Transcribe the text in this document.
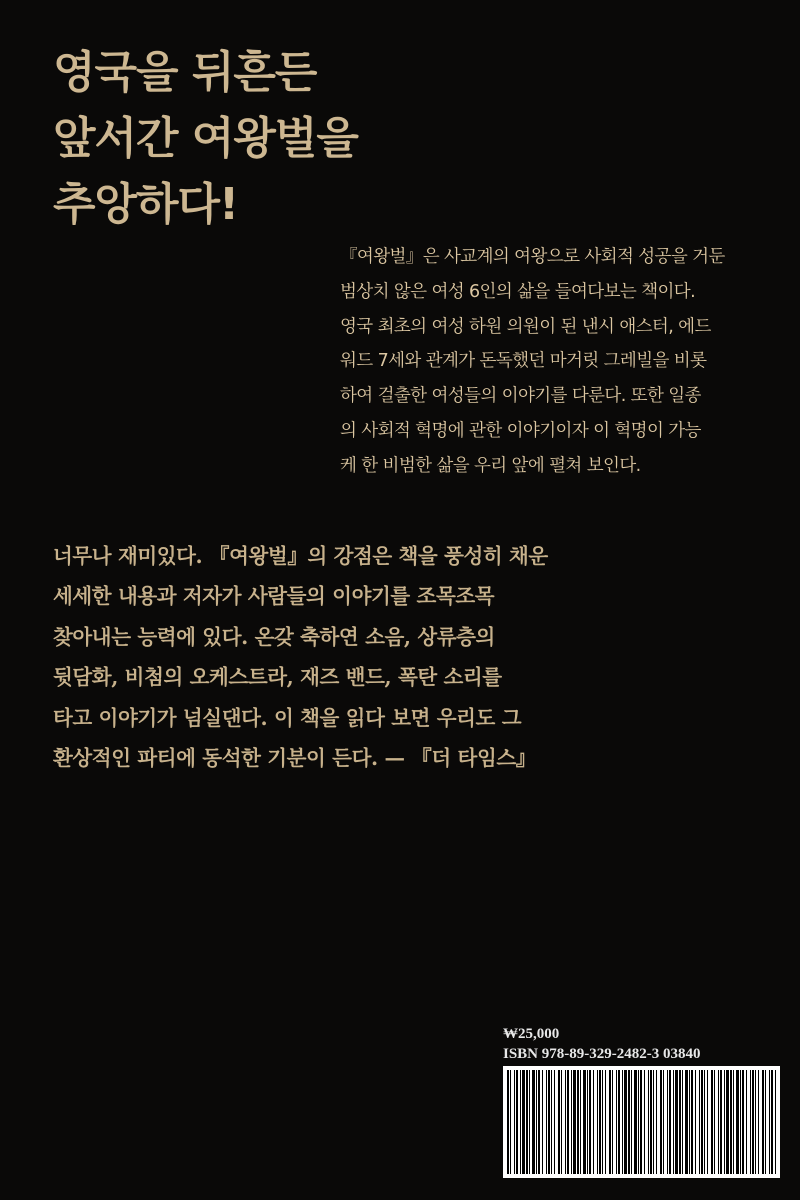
영국을 뒤흔든
앞서간 여왕벌을
추앙하다!

『여왕벌』은 사교계의 여왕으로 사회적 성공을 거둔
범상치 않은 여성 6인의 삶을 들여다보는 책이다.
영국 최초의 여성 하원 의원이 된 낸시 애스터, 에드
워드 7세와 관계가 돈독했던 마거릿 그레빌을 비롯
하여 걸출한 여성들의 이야기를 다룬다. 또한 일종
의 사회적 혁명에 관한 이야기이자 이 혁명이 가능
케 한 비범한 삶을 우리 앞에 펼쳐 보인다.

너무나 재미있다. 『여왕벌』의 강점은 책을 풍성히 채운
세세한 내용과 저자가 사람들의 이야기를 조목조목
찾아내는 능력에 있다. 온갖 축하연 소음, 상류층의
뒷담화, 비첨의 오케스트라, 재즈 밴드, 폭탄 소리를
타고 이야기가 넘실댄다. 이 책을 읽다 보면 우리도 그
환상적인 파티에 동석한 기분이 든다. — 『더 타임스』

₩25,000
ISBN 978-89-329-2482-3 03840
